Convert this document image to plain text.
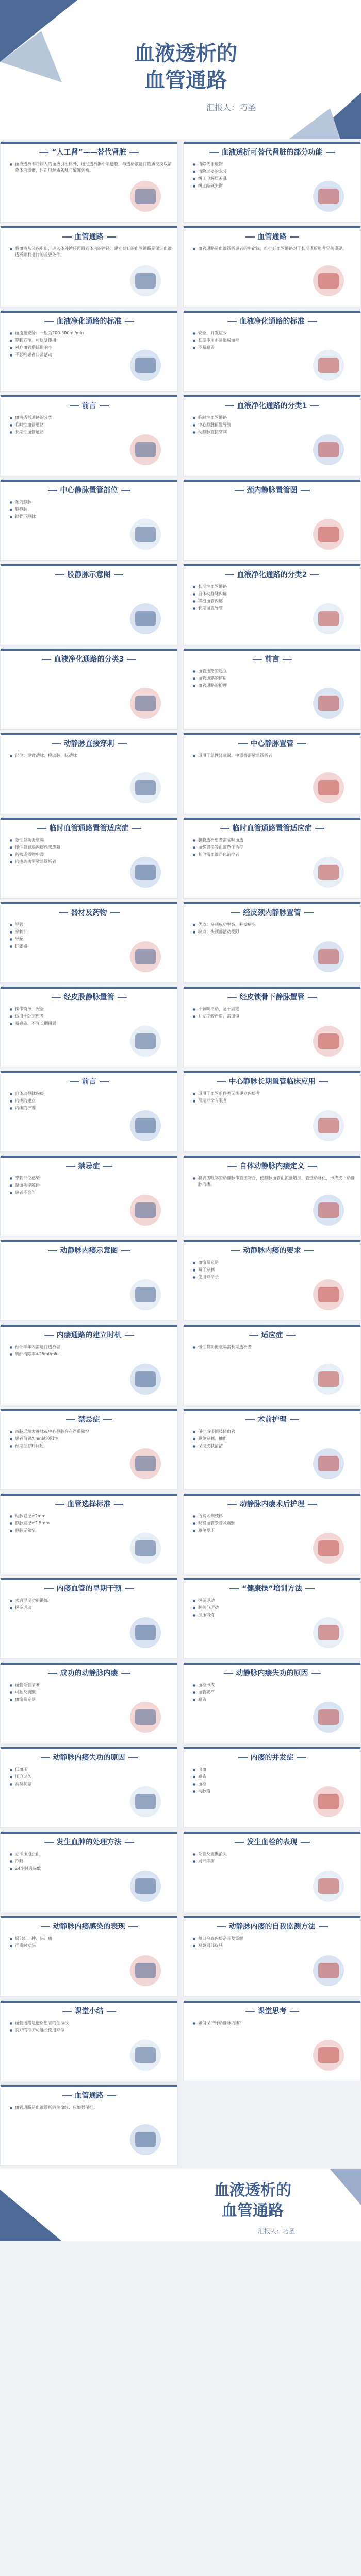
血液透析的
血管通路
汇报人：巧圣
“人工肾”——替代肾脏
血液透析即将病人的血液引出体外，通过透析器中半透膜，与透析液进行物质交换以清除体内毒素，纠正电解质紊乱与酸碱失衡。
血液透析可替代肾脏的部分功能
清除代谢废物
清除过多的水分
纠正电解质紊乱
纠正酸碱失衡
血管通路
将血液从体内引出，进入体外循环再回到体内的途径。建立良好的血管通路是保证血液透析顺利进行的首要条件。
血管通路
血管通路是血液透析患者的生命线，维护好血管通路对于长期透析患者至关重要。
血液净化通路的标准
血流量充分：一般为200-300ml/min
穿刺方便，可反复使用
对心血管系统影响小
不影响患者日常活动
血液净化通路的标准
安全、并发症少
长期使用不易形成血栓
不易感染
前言
血液透析通路的分类
临时性血管通路
长期性血管通路
血液净化通路的分类1
临时性血管通路
中心静脉留置导管
动静脉直接穿刺
中心静脉置管部位
颈内静脉
股静脉
锁骨下静脉
颈内静脉置管图
股静脉示意图	血液净化通路的分类2
长期性血管通路
自体动静脉内瘘
移植血管内瘘
长期留置导管
血液净化通路的分类3	前言
血管通路的建立
血管通路的使用
血管通路的护理
动静脉直接穿刺
部位：足背动脉、桡动脉、肱动脉
中心静脉置管
适用于急性肾衰竭、中毒等需紧急透析者
临时血管通路置管适应症
急性肾功能衰竭
慢性肾衰竭内瘘尚未成熟
药物或毒物中毒
内瘘失功需紧急透析者
临时血管通路置管适应症
腹膜透析患者需临时血透
血浆置换等血液净化治疗
其他需血液净化治疗者
器材及药物
导管
穿刺针
导丝
扩张器
经皮颈内静脉置管
优点：穿刺成功率高，并发症少
缺点：头颈部活动受限
经皮股静脉置管
操作简单、安全
适用于卧床患者
易感染，不宜长期留置
经皮锁骨下静脉置管
不影响活动，易于固定
并发症较严重，需谨慎
前言
自体动静脉内瘘
内瘘的建立
内瘘的护理
中心静脉长期置管临床应用
适用于血管条件差无法建立内瘘者
预期寿命有限者
禁忌症
穿刺部位感染
凝血功能障碍
患者不合作
自体动静脉内瘘定义
将表浅毗邻的动静脉作直接吻合，使静脉血管血流量增加、管壁动脉化，形成皮下动静脉内瘘。
动静脉内瘘示意图	动静脉内瘘的要求
血流量充足
易于穿刺
使用寿命长
内瘘通路的建立时机
预计半年内需进行透析者
肌酐清除率<25ml/min
适应症
慢性肾功能衰竭需长期透析者
禁忌症
四肢近端大静脉或中心静脉存在严重狭窄
患者前臂Allen试验阳性
预期生存时间短
术前护理
保护造瘘侧肢体血管
避免穿刺、抽血
保持皮肤清洁
血管选择标准
动脉直径≥2mm
静脉直径≥2.5mm
静脉无狭窄
动静脉内瘘术后护理
抬高术侧肢体
观察血管杂音及震颤
避免受压
内瘘血管的早期干预
术后早期功能锻炼
握拳运动
“健康操”培训方法
握拳运动
腕关节运动
加压锻炼
成功的动静脉内瘘
血管杂音清晰
可触及震颤
血流量充足
动静脉内瘘失功的原因
血栓形成
血管狭窄
感染
动静脉内瘘失功的原因
低血压
压迫过久
高凝状态
内瘘的并发症
出血
感染
血栓
动脉瘤
发生血肿的处理方法
立即压迫止血
冷敷
24小时后热敷
发生血栓的表现
杂音及震颤消失
局部疼痛
动静脉内瘘感染的表现
局部红、肿、热、痛
严重时发热
动静脉内瘘的自我监测方法
每日检查内瘘杂音及震颤
观察局部皮肤
课堂小结
血管通路是透析患者的生命线
良好的维护可延长使用寿命
课堂思考
如何保护好动静脉内瘘？
血管通路
血管通路是血液透析的生命线，应加强保护。
血液透析的
血管通路
汇报人：巧圣
